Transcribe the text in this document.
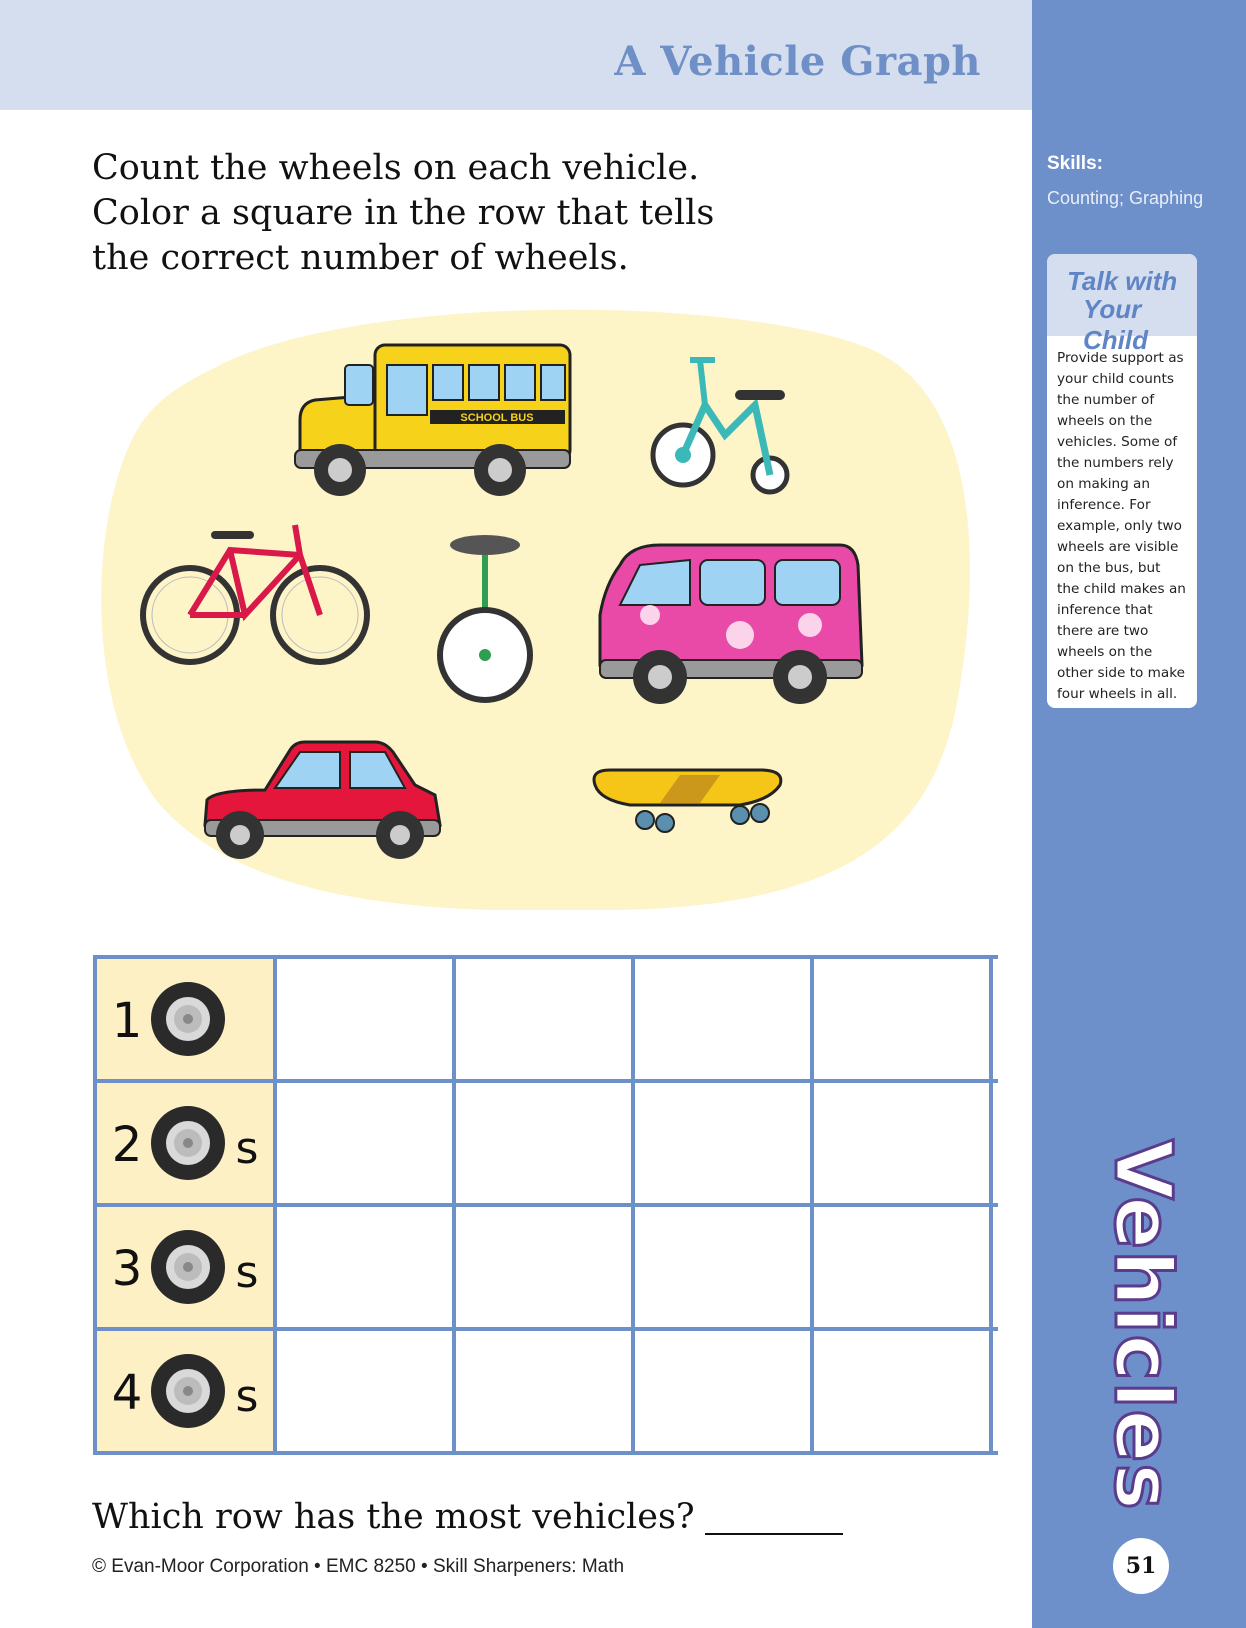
A Vehicle Graph
Skills:
Counting; Graphing
Talk with
Your Child
Provide support as your child counts the number of wheels on the vehicles. Some of the numbers rely on making an inference. For example, only two wheels are visible on the bus, but the child makes an inference that there are two wheels on the other side to make four wheels in all.
Vehicles
51
Count the wheels on each vehicle.
Color a square in the row that tells
the correct number of wheels.
SCHOOL BUS
1
2 s
3 s
4 s
Which row has the most vehicles?
© Evan-Moor Corporation • EMC 8250 • Skill Sharpeners: Math
